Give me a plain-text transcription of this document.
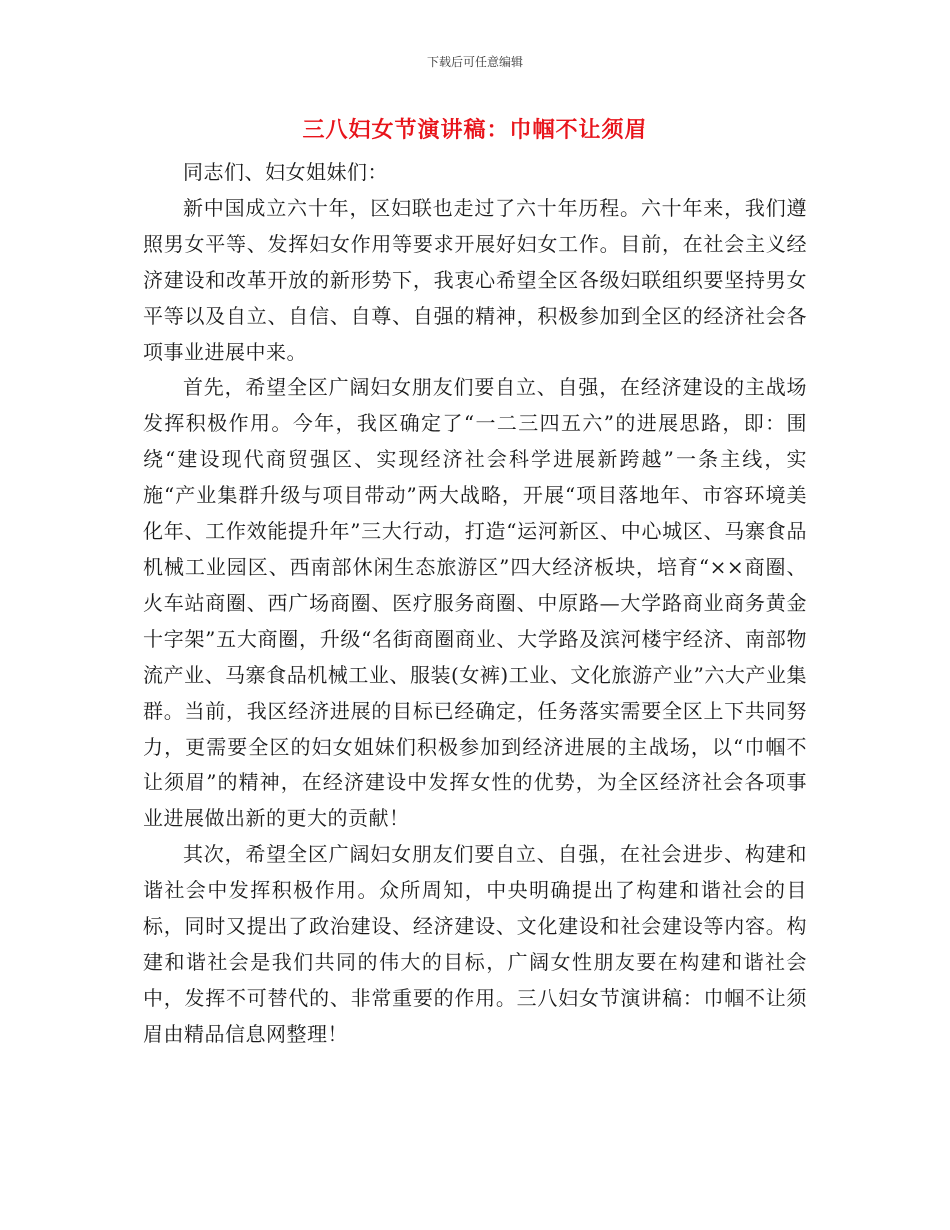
下载后可任意编辑
三八妇女节演讲稿：巾帼不让须眉

同志们、妇女姐妹们：

新中国成立六十年，区妇联也走过了六十年历程。六十年来，我们遵照男女平等、发挥妇女作用等要求开展好妇女工作。目前，在社会主义经济建设和改革开放的新形势下，我衷心希望全区各级妇联组织要坚持男女平等以及自立、自信、自尊、自强的精神，积极参加到全区的经济社会各项事业进展中来。

首先，希望全区广阔妇女朋友们要自立、自强，在经济建设的主战场发挥积极作用。今年，我区确定了“一二三四五六”的进展思路，即：围绕“建设现代商贸强区、实现经济社会科学进展新跨越”一条主线，实施“产业集群升级与项目带动”两大战略，开展“项目落地年、市容环境美化年、工作效能提升年”三大行动，打造“运河新区、中心城区、马寨食品机械工业园区、西南部休闲生态旅游区”四大经济板块，培育“××商圈、火车站商圈、西广场商圈、医疗服务商圈、中原路—大学路商业商务黄金十字架”五大商圈，升级“名街商圈商业、大学路及滨河楼宇经济、南部物流产业、马寨食品机械工业、服装(女裤)工业、文化旅游产业”六大产业集群。当前，我区经济进展的目标已经确定，任务落实需要全区上下共同努力，更需要全区的妇女姐妹们积极参加到经济进展的主战场，以“巾帼不让须眉”的精神，在经济建设中发挥女性的优势，为全区经济社会各项事业进展做出新的更大的贡献！

其次，希望全区广阔妇女朋友们要自立、自强，在社会进步、构建和谐社会中发挥积极作用。众所周知，中央明确提出了构建和谐社会的目标，同时又提出了政治建设、经济建设、文化建设和社会建设等内容。构建和谐社会是我们共同的伟大的目标，广阔女性朋友要在构建和谐社会中，发挥不可替代的、非常重要的作用。三八妇女节演讲稿：巾帼不让须眉由精品信息网整理！
